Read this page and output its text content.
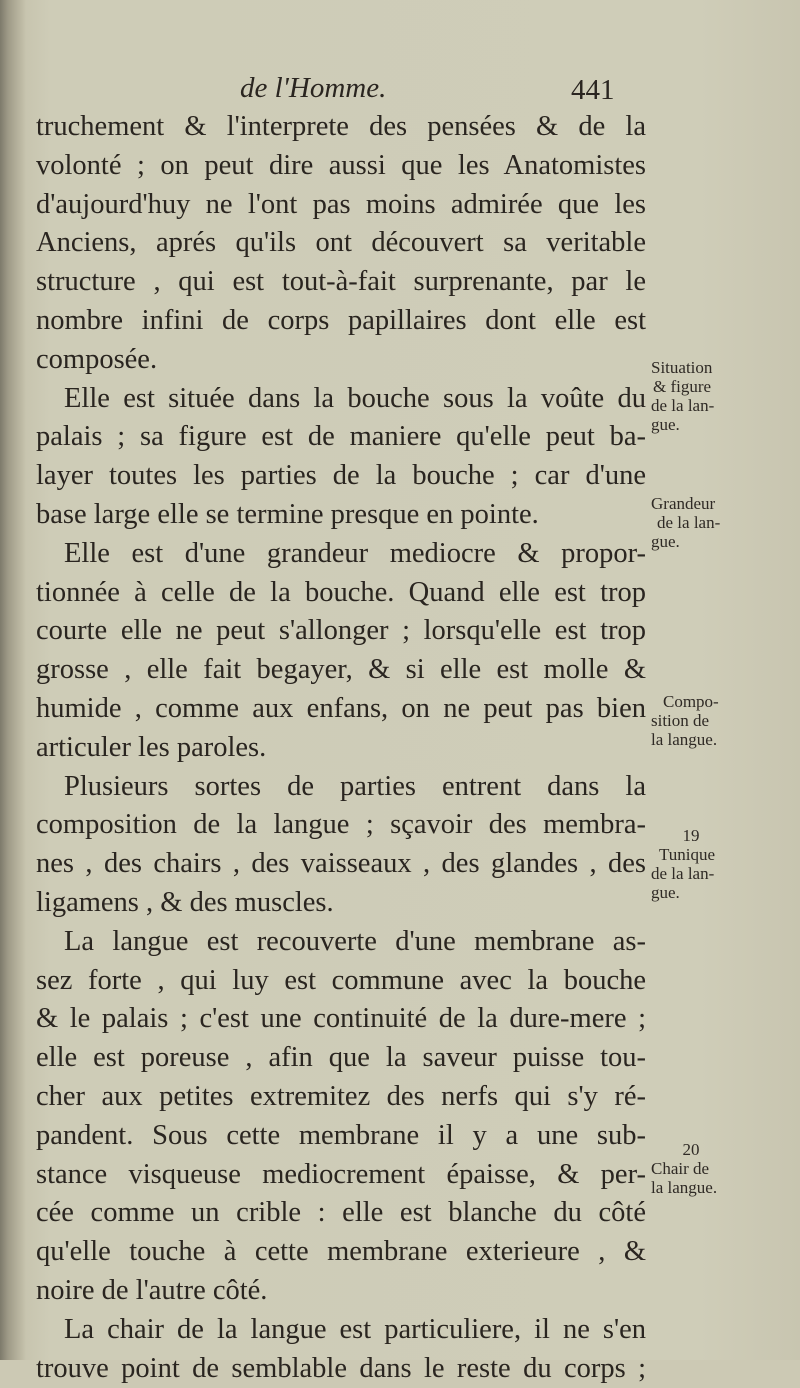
de l'Homme.	441
truchement & l'interprete des pensées & de la
volonté ; on peut dire aussi que les Anatomistes
d'aujourd'huy ne l'ont pas moins admirée que les
Anciens, aprés qu'ils ont découvert sa veritable
structure , qui est tout-à-fait surprenante, par le
nombre infini de corps papillaires dont elle est
composée.
Elle est située dans la bouche sous la voûte du
palais ; sa figure est de maniere qu'elle peut ba-
layer toutes les parties de la bouche ; car d'une
base large elle se termine presque en pointe.
Elle est d'une grandeur mediocre & propor-
tionnée à celle de la bouche. Quand elle est trop
courte elle ne peut s'allonger ; lorsqu'elle est trop
grosse , elle fait begayer, & si elle est molle &
humide , comme aux enfans, on ne peut pas bien
articuler les paroles.
Plusieurs sortes de parties entrent dans la
composition de la langue ; sçavoir des membra-
nes , des chairs , des vaisseaux , des glandes , des
ligamens , & des muscles.
La langue est recouverte d'une membrane as-
sez forte , qui luy est commune avec la bouche
& le palais ; c'est une continuité de la dure-mere ;
elle est poreuse , afin que la saveur puisse tou-
cher aux petites extremitez des nerfs qui s'y ré-
pandent. Sous cette membrane il y a une sub-
stance visqueuse mediocrement épaisse, & per-
cée comme un crible : elle est blanche du côté
qu'elle touche à cette membrane exterieure , &
noire de l'autre côté.
La chair de la langue est particuliere, il ne s'en
trouve point de semblable dans le reste du corps ;
Situation
& figure
de la lan-
gue.
Grandeur
de la lan-
gue.
Compo-
sition de
la langue.
19
Tunique
de la lan-
gue.
20
Chair de
la langue.
